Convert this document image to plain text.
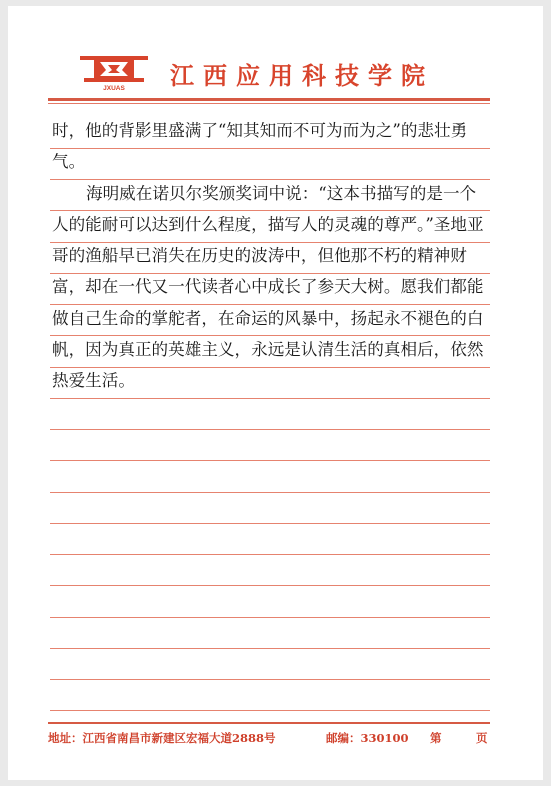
JXUAS 江西应用科技学院

时，他的背影里盛满了“知其知而不可为而为之”的悲壮勇气。

海明威在诺贝尔奖颁奖词中说：“这本书描写的是一个人的能耐可以达到什么程度，描写人的灵魂的尊严。”圣地亚哥的渔船早已消失在历史的波涛中，但他那不朽的精神财富，却在一代又一代读者心中成长了参天大树。愿我们都能做自己生命的掌舵者，在命运的风暴中，扬起永不褪色的白帆，因为真正的英雄主义，永远是认清生活的真相后，依然热爱生活。

地址：江西省南昌市新建区宏福大道2888号	邮编：330100 第	页
